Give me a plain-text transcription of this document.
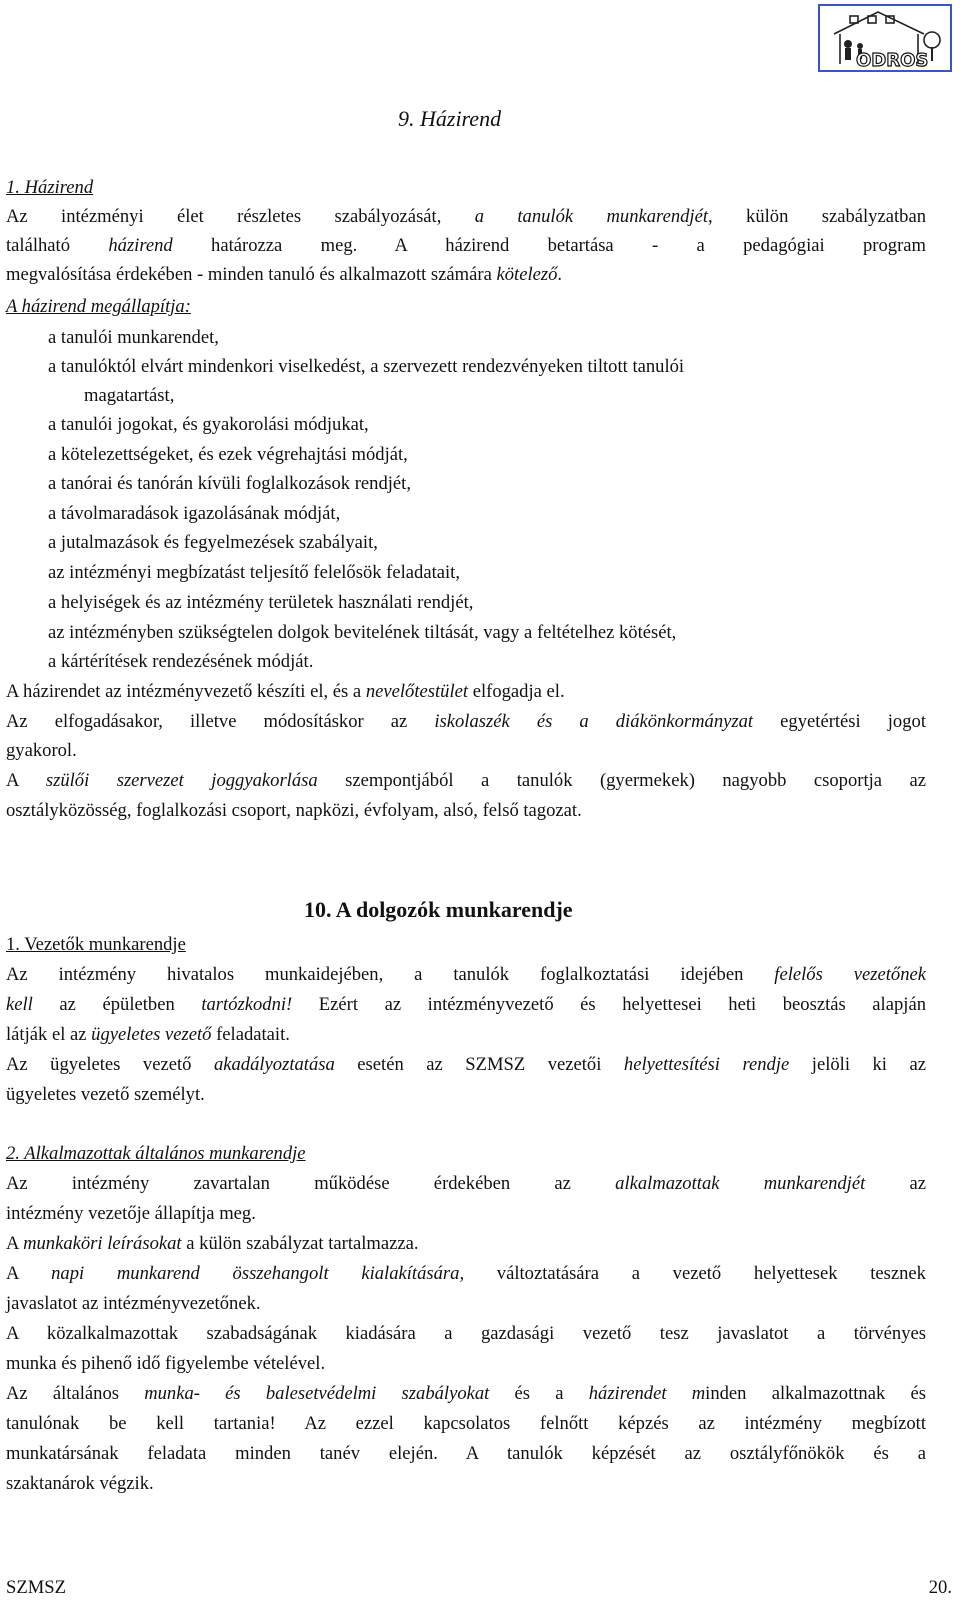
ODROS
9. Házirend
1. Házirend
Az intézményi élet részletes szabályozását, a tanulók munkarendjét, külön szabályzatban
található házirend határozza meg. A házirend betartása - a pedagógiai program
megvalósítása érdekében - minden tanuló és alkalmazott számára kötelező.
A házirend megállapítja:
a tanulói munkarendet,
a tanulóktól elvárt mindenkori viselkedést, a szervezett rendezvényeken tiltott tanulói
magatartást,
a tanulói jogokat, és gyakorolási módjukat,
a kötelezettségeket, és ezek végrehajtási módját,
a tanórai és tanórán kívüli foglalkozások rendjét,
a távolmaradások igazolásának módját,
a jutalmazások és fegyelmezések szabályait,
az intézményi megbízatást teljesítő felelősök feladatait,
a helyiségek és az intézmény területek használati rendjét,
az intézményben szükségtelen dolgok bevitelének tiltását, vagy a feltételhez kötését,
a kártérítések rendezésének módját.
A házirendet az intézményvezető készíti el, és a nevelőtestület elfogadja el.
Az elfogadásakor, illetve módosításkor az iskolaszék és a diákönkormányzat egyetértési jogot
gyakorol.
A szülői szervezet joggyakorlása szempontjából a tanulók (gyermekek) nagyobb csoportja az
osztályközösség, foglalkozási csoport, napközi, évfolyam, alsó, felső tagozat.
10. A dolgozók munkarendje
1. Vezetők munkarendje
Az intézmény hivatalos munkaidejében, a tanulók foglalkoztatási idejében felelős vezetőnek
kell az épületben tartózkodni! Ezért az intézményvezető és helyettesei heti beosztás alapján
látják el az ügyeletes vezető feladatait.
Az ügyeletes vezető akadályoztatása esetén az SZMSZ vezetői helyettesítési rendje jelöli ki az
ügyeletes vezető személyt.
2. Alkalmazottak általános munkarendje
Az intézmény zavartalan működése érdekében az alkalmazottak munkarendjét az
intézmény vezetője állapítja meg.
A munkaköri leírásokat a külön szabályzat tartalmazza.
A napi munkarend összehangolt kialakítására, változtatására a vezető helyettesek tesznek
javaslatot az intézményvezetőnek.
A közalkalmazottak szabadságának kiadására a gazdasági vezető tesz javaslatot a törvényes
munka és pihenő idő figyelembe vételével.
Az általános munka- és balesetvédelmi szabályokat és a házirendet minden alkalmazottnak és
tanulónak be kell tartania! Az ezzel kapcsolatos felnőtt képzés az intézmény megbízott
munkatársának feladata minden tanév elején. A tanulók képzését az osztályfőnökök és a
szaktanárok végzik.
SZMSZ	20.
